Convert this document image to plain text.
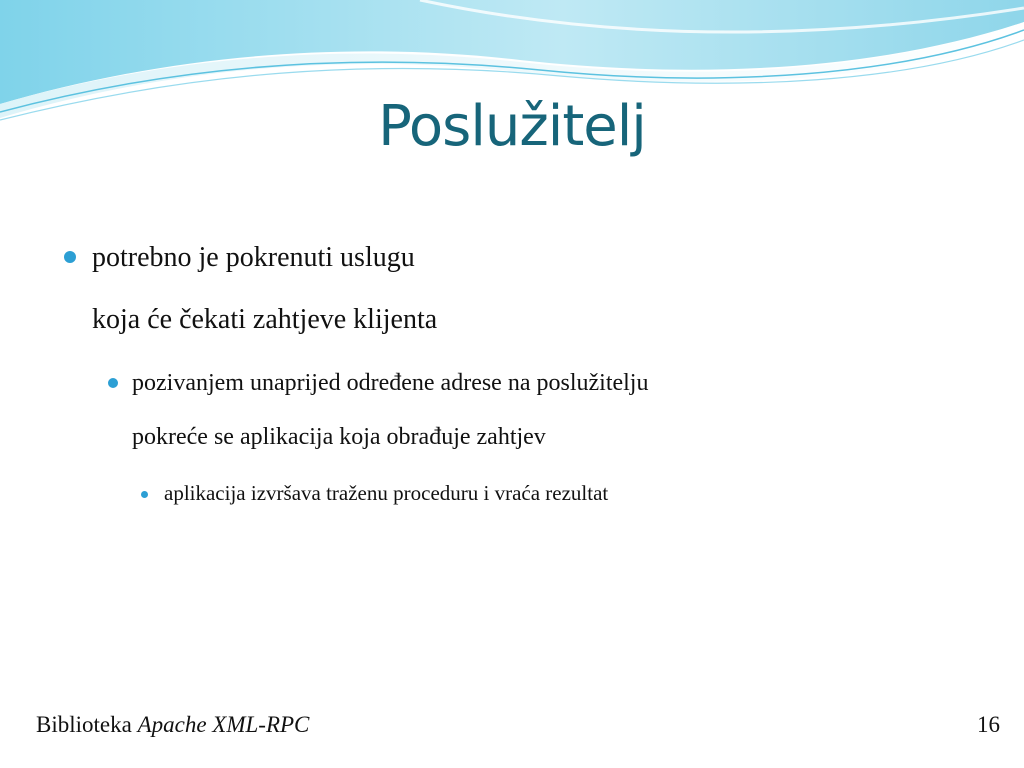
Poslužitelj
potrebno je pokrenuti uslugu
koja će čekati zahtjeve klijenta
pozivanjem unaprijed određene adrese na poslužitelju
pokreće se aplikacija koja obrađuje zahtjev
aplikacija izvršava traženu proceduru i vraća rezultat
Biblioteka Apache XML-RPC	16
